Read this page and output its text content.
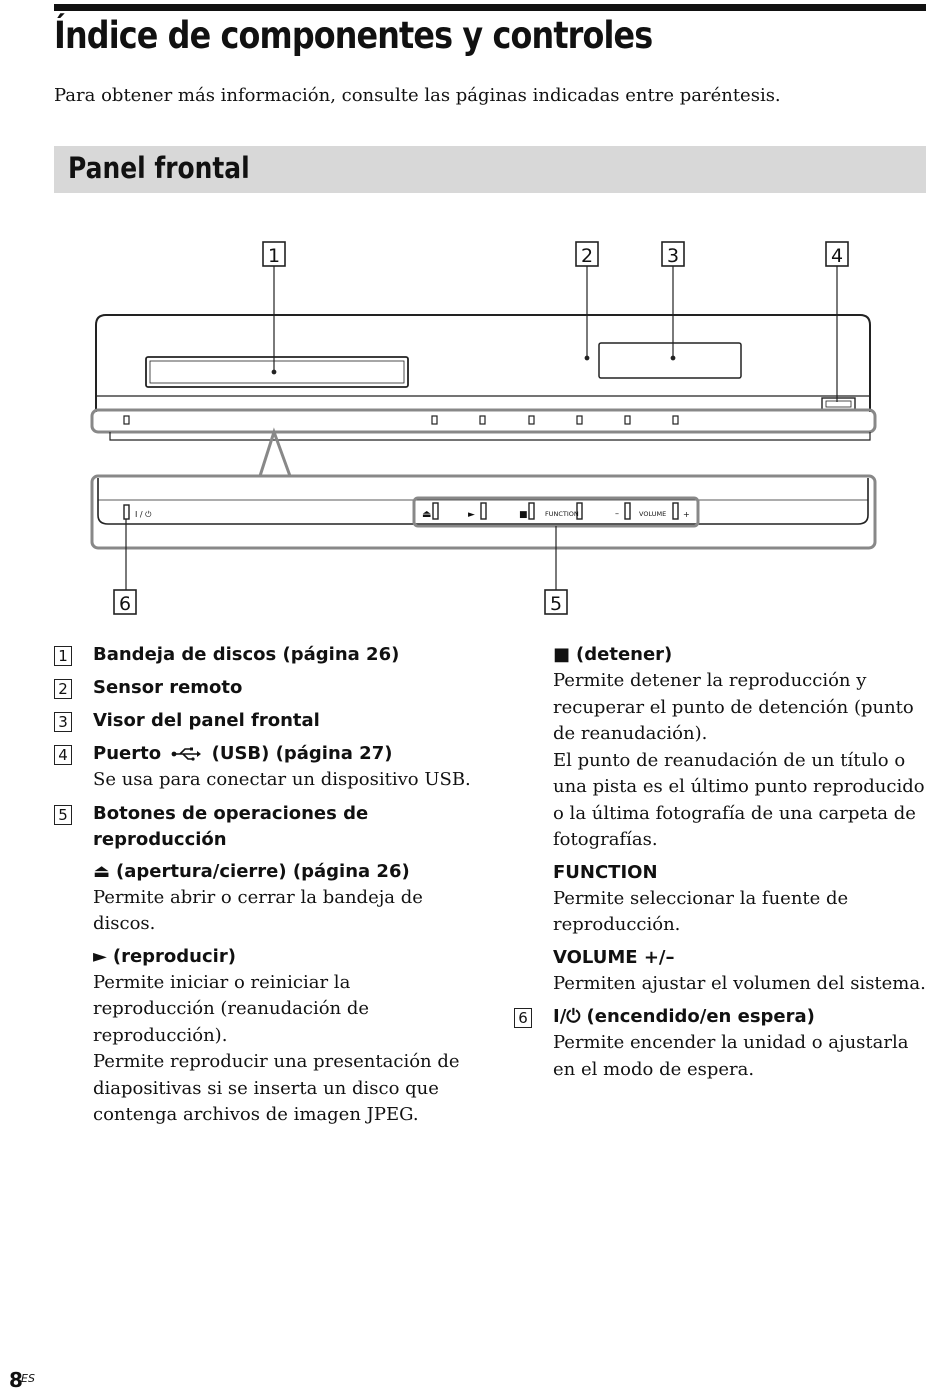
Índice de componentes y controles
Para obtener más información, consulte las páginas indicadas entre paréntesis.
Panel frontal
1	2	3	4
6	5
I / ⏻	⏏	►	■	FUNCTION	–	VOLUME +
1 Bandeja de discos (página 26)
2 Sensor remoto
3 Visor del panel frontal
4 Puerto	(USB) (página 27)
Se usa para conectar un dispositivo USB.
5 Botones de operaciones de reproducción
⏏ (apertura/cierre) (página 26)
Permite abrir o cerrar la bandeja de discos.
► (reproducir)
Permite iniciar o reiniciar la reproducción (reanudación de reproducción).
Permite reproducir una presentación de diapositivas si se inserta un disco que contenga archivos de imagen JPEG.
■ (detener)
Permite detener la reproducción y recuperar el punto de detención (punto de reanudación).
El punto de reanudación de un título o una pista es el último punto reproducido o la última fotografía de una carpeta de fotografías.
FUNCTION
Permite seleccionar la fuente de reproducción.
VOLUME +/–
Permiten ajustar el volumen del sistema.
6 I/⏻ (encendido/en espera)
Permite encender la unidad o ajustarla en el modo de espera.
8
ES
